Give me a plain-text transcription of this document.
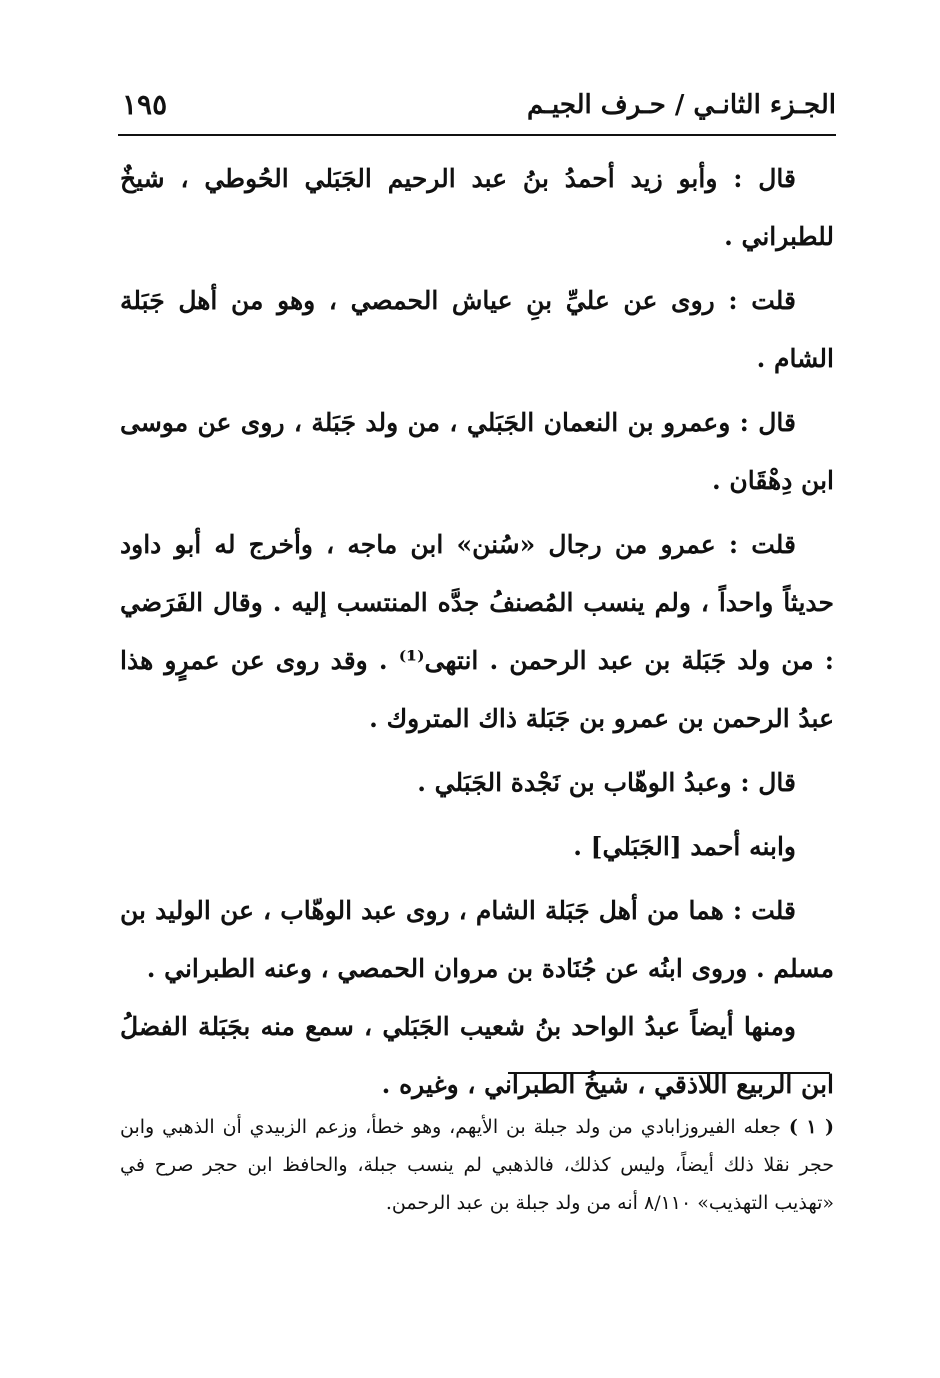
الجـزء الثانـي / حـرف الجيـم
١٩٥

قال : وأبو زيد أحمدُ بنُ عبد الرحيم الجَبَلي الحُوطي ، شيخٌ للطبراني .

قلت : روى عن عليِّ بنِ عياش الحمصي ، وهو من أهل جَبَلة الشام .

قال : وعمرو بن النعمان الجَبَلي ، من ولد جَبَلة ، روى عن موسى ابن دِهْقَان .

قلت : عمرو من رجال «سُنن» ابن ماجه ، وأخرج له أبو داود حديثاً واحداً ، ولم ينسب المُصنفُ جدَّه المنتسب إليه . وقال الفَرَضي : من ولد جَبَلة بن عبد الرحمن . انتهى⁽¹⁾ . وقد روى عن عمرٍو هذا عبدُ الرحمن بن عمرو بن جَبَلة ذاك المتروك .

قال : وعبدُ الوهّاب بن نَجْدة الجَبَلي .

وابنه أحمد [الجَبَلي] .

قلت : هما من أهل جَبَلة الشام ، روى عبد الوهّاب ، عن الوليد بن مسلم . وروى ابنُه عن جُنَادة بن مروان الحمصي ، وعنه الطبراني .

ومنها أيضاً عبدُ الواحد بنُ شعيب الجَبَلي ، سمع منه بجَبَلة الفضلُ ابن الربيع اللاذقي ، شيخُ الطبراني ، وغيره .

( ١ )جعله الفيروزابادي من ولد جبلة بن الأيهم، وهو خطأ، وزعم الزبيدي أن الذهبي وابن حجر نقلا ذلك أيضاً، وليس كذلك، فالذهبي لم ينسب جبلة، والحافظ ابن حجر صرح في «تهذيب التهذيب» ٨/١١٠ أنه من ولد جبلة بن عبد الرحمن.
